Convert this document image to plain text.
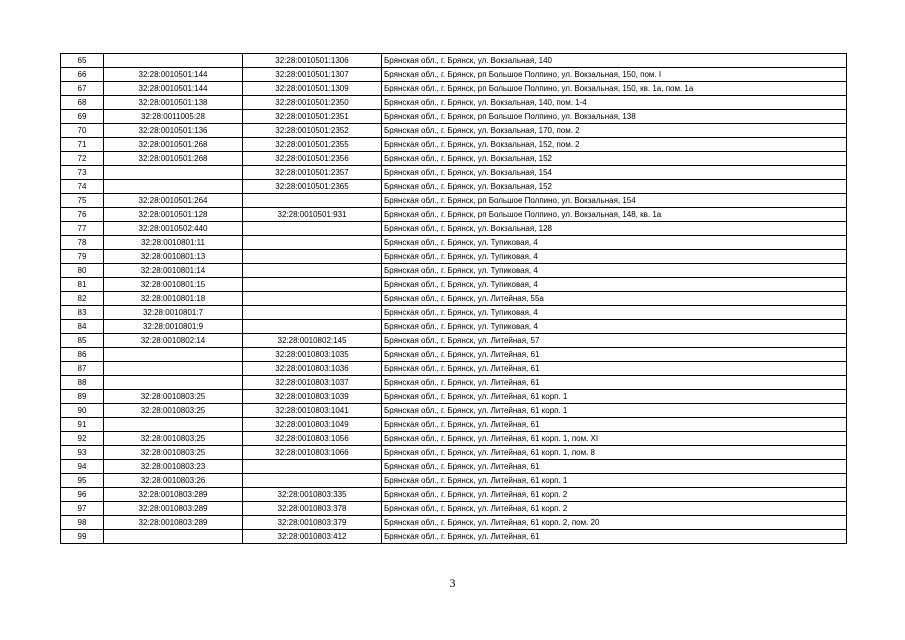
65		32:28:0010501:1306	Брянская обл., г. Брянск, ул. Вокзальная, 140
66	32:28:0010501:144	32:28:0010501:1307	Брянская обл., г. Брянск, рп Большое Полпино, ул. Вокзальная, 150, пом. I
67	32:28:0010501:144	32:28:0010501:1309	Брянская обл., г. Брянск, рп Большое Полпино, ул. Вокзальная, 150, кв. 1а, пом. 1а
68	32:28:0010501:138	32:28:0010501:2350	Брянская обл., г. Брянск, ул. Вокзальная, 140, пом. 1-4
69	32:28:0011005:28	32:28:0010501:2351	Брянская обл., г. Брянск, рп Большое Полпино, ул. Вокзальная, 138
70	32:28:0010501:136	32:28:0010501:2352	Брянская обл., г. Брянск, ул. Вокзальная, 170, пом. 2
71	32:28:0010501:268	32:28:0010501:2355	Брянская обл., г. Брянск, ул. Вокзальная, 152, пом. 2
72	32:28:0010501:268	32:28:0010501:2356	Брянская обл., г. Брянск, ул. Вокзальная, 152
73		32:28:0010501:2357	Брянская обл., г. Брянск, ул. Вокзальная, 154
74		32:28:0010501:2365	Брянская обл., г. Брянск, ул. Вокзальная, 152
75	32:28:0010501:264		Брянская обл., г. Брянск, рп Большое Полпино, ул. Вокзальная, 154
76	32:28:0010501:128	32:28:0010501:931	Брянская обл., г. Брянск, рп Большое Полпино, ул. Вокзальная, 148, кв. 1а
77	32:28:0010502:440		Брянская обл., г. Брянск, ул. Вокзальная, 128
78	32:28:0010801:11		Брянская обл., г. Брянск, ул. Тупиковая, 4
79	32:28:0010801:13		Брянская обл., г. Брянск, ул. Тупиковая, 4
80	32:28:0010801:14		Брянская обл., г. Брянск, ул. Тупиковая, 4
81	32:28:0010801:15		Брянская обл., г. Брянск, ул. Тупиковая, 4
82	32:28:0010801:18		Брянская обл., г. Брянск, ул. Литейная, 55а
83	32:28:0010801:7		Брянская обл., г. Брянск, ул. Тупиковая, 4
84	32:28:0010801:9		Брянская обл., г. Брянск, ул. Тупиковая, 4
85	32:28:0010802:14	32:28:0010802:145	Брянская обл., г. Брянск, ул. Литейная, 57
86		32:28:0010803:1035	Брянская обл., г. Брянск, ул. Литейная, 61
87		32:28:0010803:1036	Брянская обл., г. Брянск, ул. Литейная, 61
88		32:28:0010803:1037	Брянская обл., г. Брянск, ул. Литейная, 61
89	32:28:0010803:25	32:28:0010803:1039	Брянская обл., г. Брянск, ул. Литейная, 61 корп. 1
90	32:28:0010803:25	32:28:0010803:1041	Брянская обл., г. Брянск, ул. Литейная, 61 корп. 1
91		32:28:0010803:1049	Брянская обл., г. Брянск, ул. Литейная, 61
92	32:28:0010803:25	32:28:0010803:1056	Брянская обл., г. Брянск, ул. Литейная, 61 корп. 1, пом. XI
93	32:28:0010803:25	32:28:0010803:1066	Брянская обл., г. Брянск, ул. Литейная, 61 корп. 1, пом. 8
94	32:28:0010803:23		Брянская обл., г. Брянск, ул. Литейная, 61
95	32:28:0010803:26		Брянская обл., г. Брянск, ул. Литейная, 61 корп. 1
96	32:28:0010803:289	32:28:0010803:335	Брянская обл., г. Брянск, ул. Литейная, 61 корп. 2
97	32:28:0010803:289	32:28:0010803:378	Брянская обл., г. Брянск, ул. Литейная, 61 корп. 2
98	32:28:0010803:289	32:28:0010803:379	Брянская обл., г. Брянск, ул. Литейная, 61 корп. 2, пом. 20
99		32:28:0010803:412	Брянская обл., г. Брянск, ул. Литейная, 61
3
